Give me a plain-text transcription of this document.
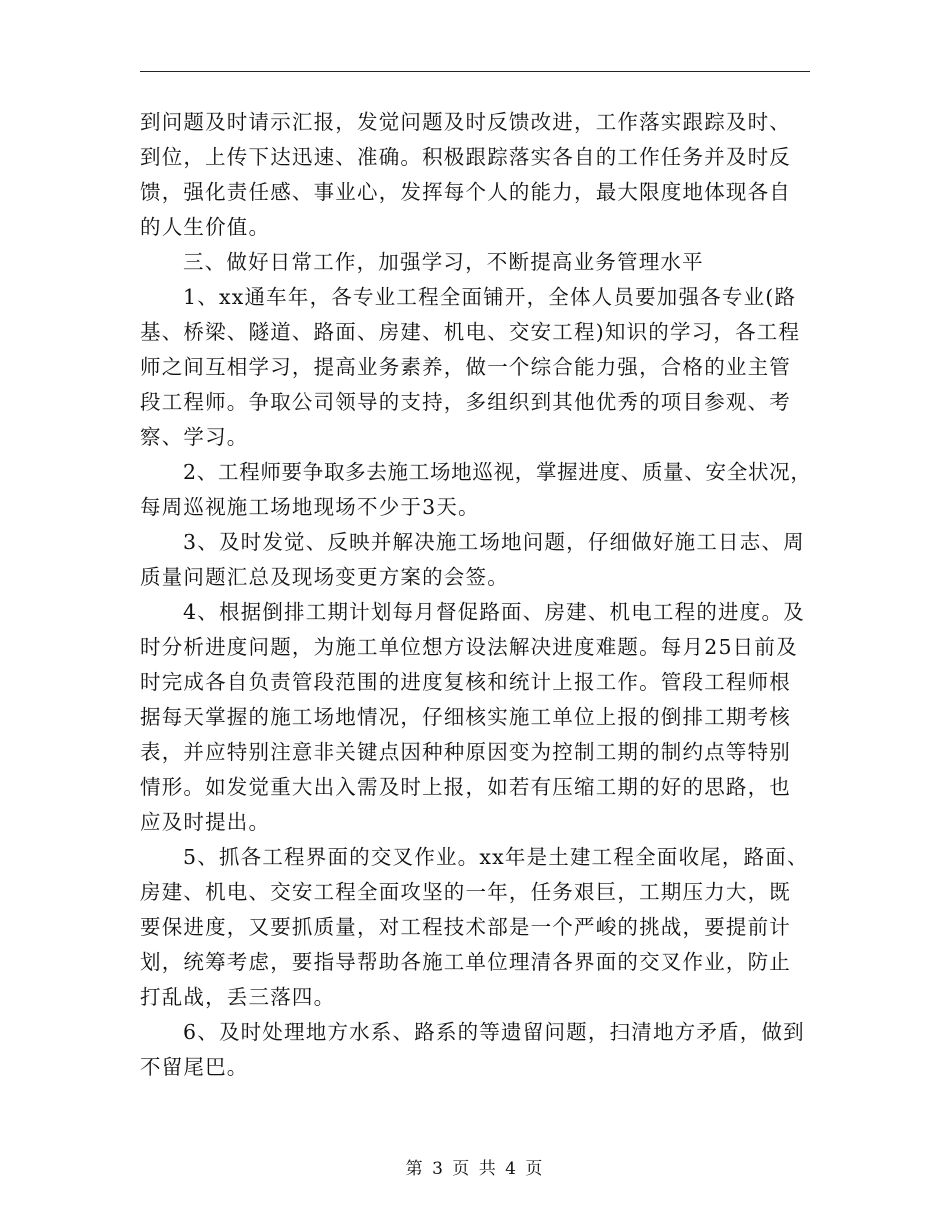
到问题及时请示汇报，发觉问题及时反馈改进，工作落实跟踪及时、
到位，上传下达迅速、准确。积极跟踪落实各自的工作任务并及时反
馈，强化责任感、事业心，发挥每个人的能力，最大限度地体现各自
的人生价值。
三、做好日常工作，加强学习，不断提高业务管理水平
1、xx通车年，各专业工程全面铺开，全体人员要加强各专业(路
基、桥梁、隧道、路面、房建、机电、交安工程)知识的学习，各工程
师之间互相学习，提高业务素养，做一个综合能力强，合格的业主管
段工程师。争取公司领导的支持，多组织到其他优秀的项目参观、考
察、学习。
2、工程师要争取多去施工场地巡视，掌握进度、质量、安全状况，
每周巡视施工场地现场不少于3天。
3、及时发觉、反映并解决施工场地问题，仔细做好施工日志、周
质量问题汇总及现场变更方案的会签。
4、根据倒排工期计划每月督促路面、房建、机电工程的进度。及
时分析进度问题，为施工单位想方设法解决进度难题。每月25日前及
时完成各自负责管段范围的进度复核和统计上报工作。管段工程师根
据每天掌握的施工场地情况，仔细核实施工单位上报的倒排工期考核
表，并应特别注意非关键点因种种原因变为控制工期的制约点等特别
情形。如发觉重大出入需及时上报，如若有压缩工期的好的思路，也
应及时提出。
5、抓各工程界面的交叉作业。xx年是土建工程全面收尾，路面、
房建、机电、交安工程全面攻坚的一年，任务艰巨，工期压力大，既
要保进度，又要抓质量，对工程技术部是一个严峻的挑战，要提前计
划，统筹考虑，要指导帮助各施工单位理清各界面的交叉作业，防止
打乱战，丢三落四。
6、及时处理地方水系、路系的等遗留问题，扫清地方矛盾，做到
不留尾巴。
第 3 页 共 4 页
